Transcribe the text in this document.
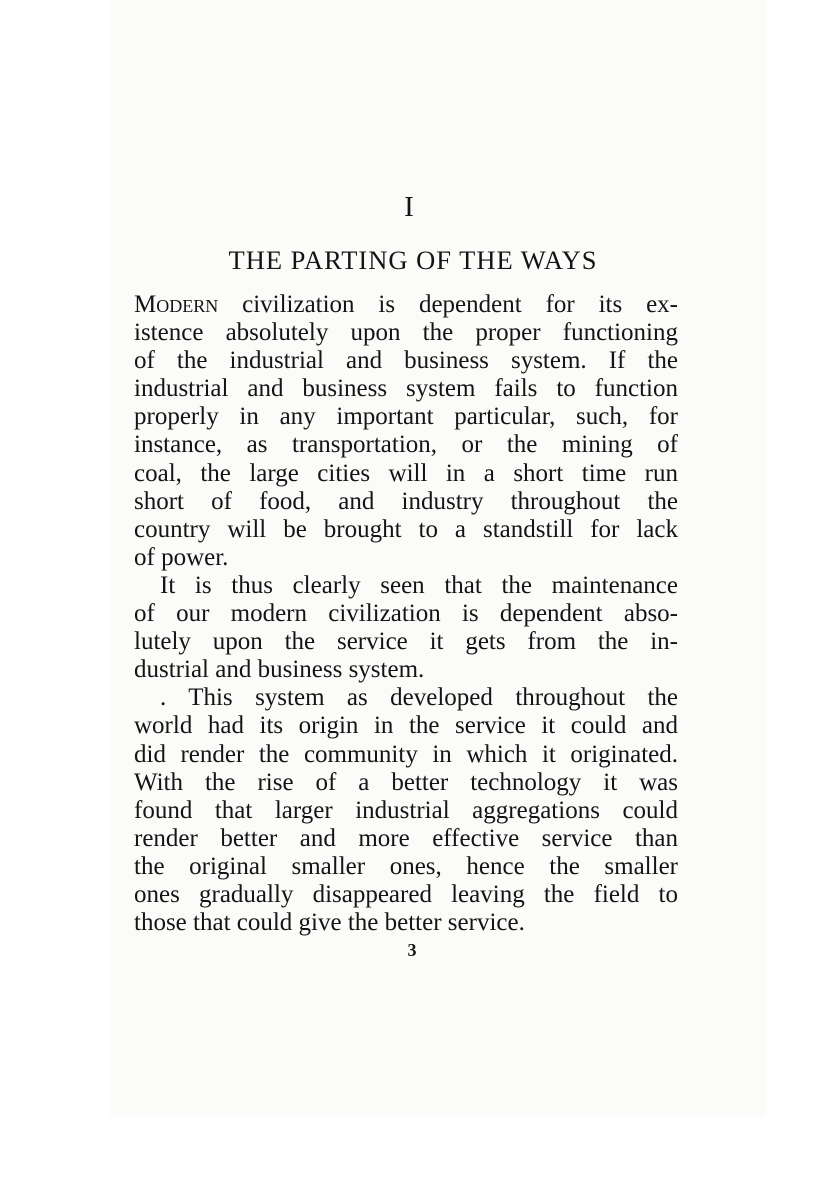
I
THE PARTING OF THE WAYS

Modern civilization is dependent for its ex-
istence absolutely upon the proper functioning
of the industrial and business system. If the
industrial and business system fails to function
properly in any important particular, such, for
instance, as transportation, or the mining of
coal, the large cities will in a short time run
short of food, and industry throughout the
country will be brought to a standstill for lack
of power.

It is thus clearly seen that the maintenance
of our modern civilization is dependent abso-
lutely upon the service it gets from the in-
dustrial and business system.

. This system as developed throughout the
world had its origin in the service it could and
did render the community in which it originated.
With the rise of a better technology it was
found that larger industrial aggregations could
render better and more effective service than
the original smaller ones, hence the smaller
ones gradually disappeared leaving the field to
those that could give the better service.

3
